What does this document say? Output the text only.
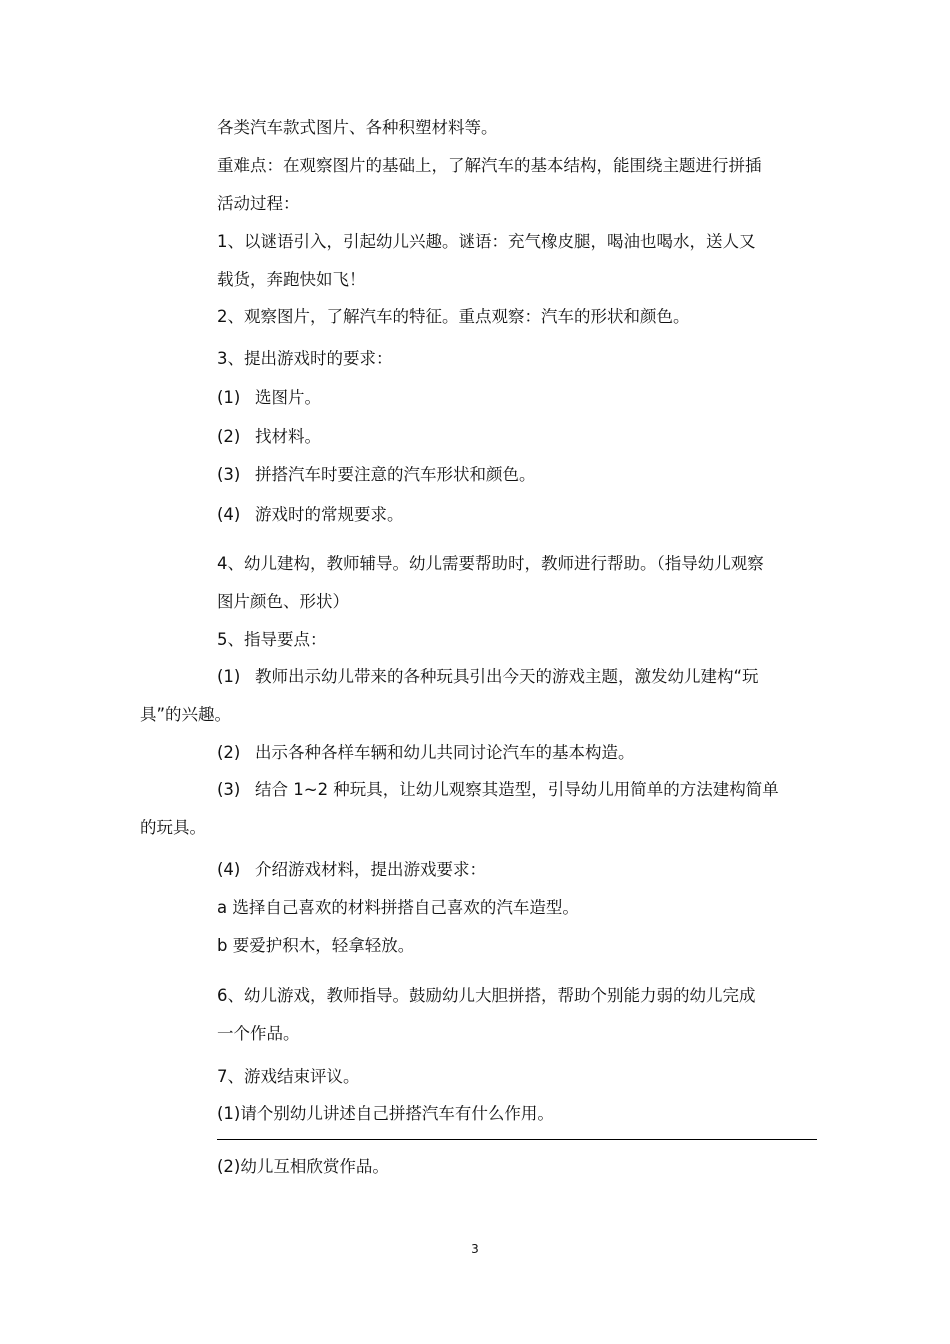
各类汽车款式图片、各种积塑材料等。
重难点：在观察图片的基础上，了解汽车的基本结构，能围绕主题进行拼插
活动过程：
1、以谜语引入，引起幼儿兴趣。谜语：充气橡皮腿，喝油也喝水，送人又
载货，奔跑快如飞！
2、观察图片，了解汽车的特征。重点观察：汽车的形状和颜色。
3、提出游戏时的要求：
(1) 选图片。
(2) 找材料。
(3) 拼搭汽车时要注意的汽车形状和颜色。
(4) 游戏时的常规要求。
4、幼儿建构，教师辅导。幼儿需要帮助时，教师进行帮助。（指导幼儿观察
图片颜色、形状）
5、指导要点：
(1) 教师出示幼儿带来的各种玩具引出今天的游戏主题，激发幼儿建构“玩
具”的兴趣。
(2) 出示各种各样车辆和幼儿共同讨论汽车的基本构造。
(3) 结合 1~2 种玩具，让幼儿观察其造型，引导幼儿用简单的方法建构简单
的玩具。
(4) 介绍游戏材料，提出游戏要求：
a 选择自己喜欢的材料拼搭自己喜欢的汽车造型。
b 要爱护积木，轻拿轻放。
6、幼儿游戏，教师指导。鼓励幼儿大胆拼搭，帮助个别能力弱的幼儿完成
一个作品。
7、游戏结束评议。
(1)请个别幼儿讲述自己拼搭汽车有什么作用。
(2)幼儿互相欣赏作品。
3
